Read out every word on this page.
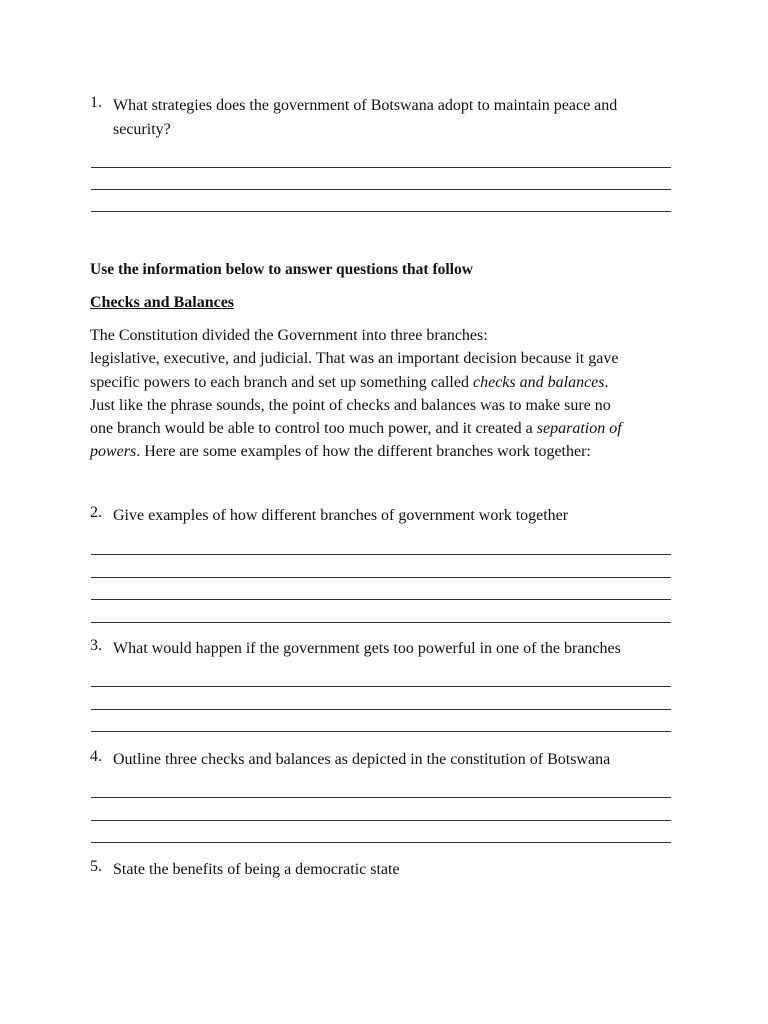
1. What strategies does the government of Botswana adopt to maintain peace and
security?
Use the information below to answer questions that follow
Checks and Balances
The Constitution divided the Government into three branches:
legislative, executive, and judicial. That was an important decision because it gave
specific powers to each branch and set up something called checks and balances.
Just like the phrase sounds, the point of checks and balances was to make sure no
one branch would be able to control too much power, and it created a separation of
powers. Here are some examples of how the different branches work together:
2. Give examples of how different branches of government work together
3. What would happen if the government gets too powerful in one of the branches
4. Outline three checks and balances as depicted in the constitution of Botswana
5. State the benefits of being a democratic state
